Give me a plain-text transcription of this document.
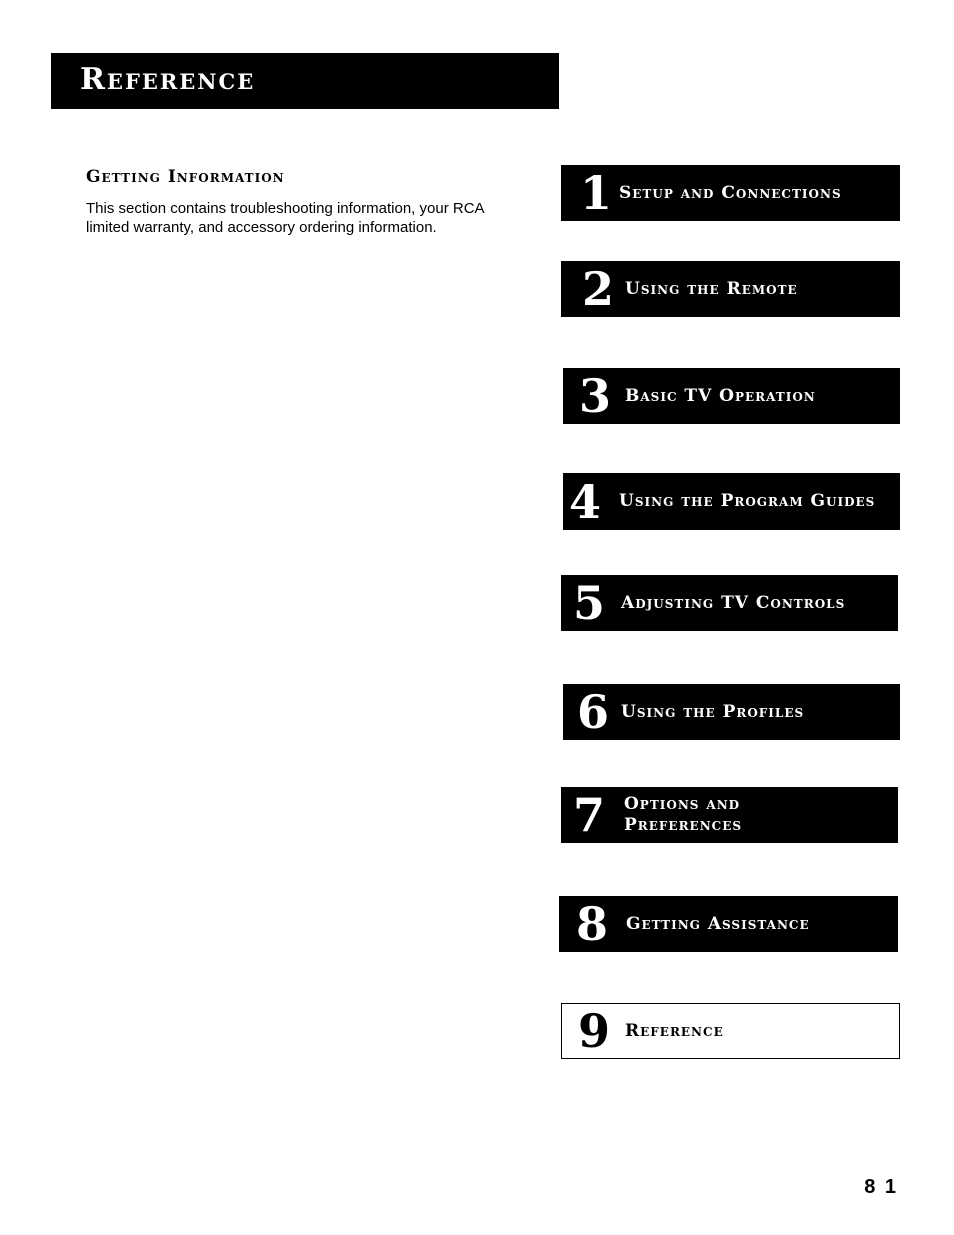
Reference
Getting Information
This section contains troubleshooting information, your RCA limited warranty, and accessory ordering information.
1 Setup and Connections
2 Using the Remote
3 Basic TV Operation
4 Using the Program Guides
5 Adjusting TV Controls
6 Using the Profiles
7 Options and Preferences
8 Getting Assistance
9 Reference
8 1
